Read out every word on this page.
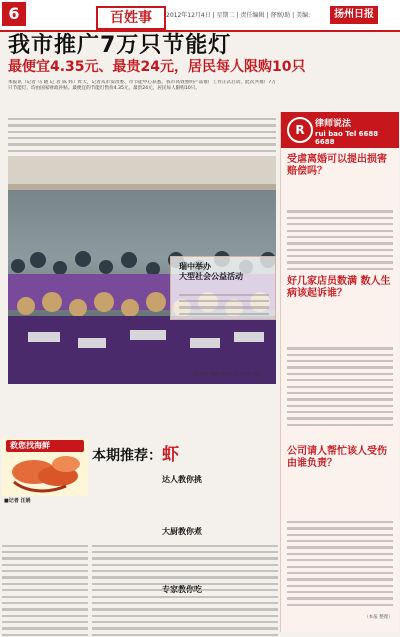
6	百姓事	2012年12月4日 | 星期二 | 责任编辑 | 督察/助 | 美编:	扬州日报
我市推广7万只节能灯
最便宜4.35元、最贵24元，居民每人限购10只
本报讯（记者 马 晓 记 者 陈 炜）昨天，记者从市发改委、市节能中心获悉，我市高效照明产品推广工作正式启动，此次共推广7万只节能灯，均由国家财政补贴。最便宜的节能灯售价4.35元，最贵24元，居民每人限购10只。
瑞中举办
大型社会公益活动
（吴英君 费蓉 邱源 / 文 王涛 / 摄）
救您找海鲜
■记者 汪娟
本期推荐：虾
达人教你挑
大厨教你煮
R	律师说法
rui bao Tel 6688 6688
受虐离婚可以提出损害赔偿吗？
好几家店员数满 数人生病该起诉谁？
公司请人帮忙该人受伤由谁负责？
（本报 整理）
